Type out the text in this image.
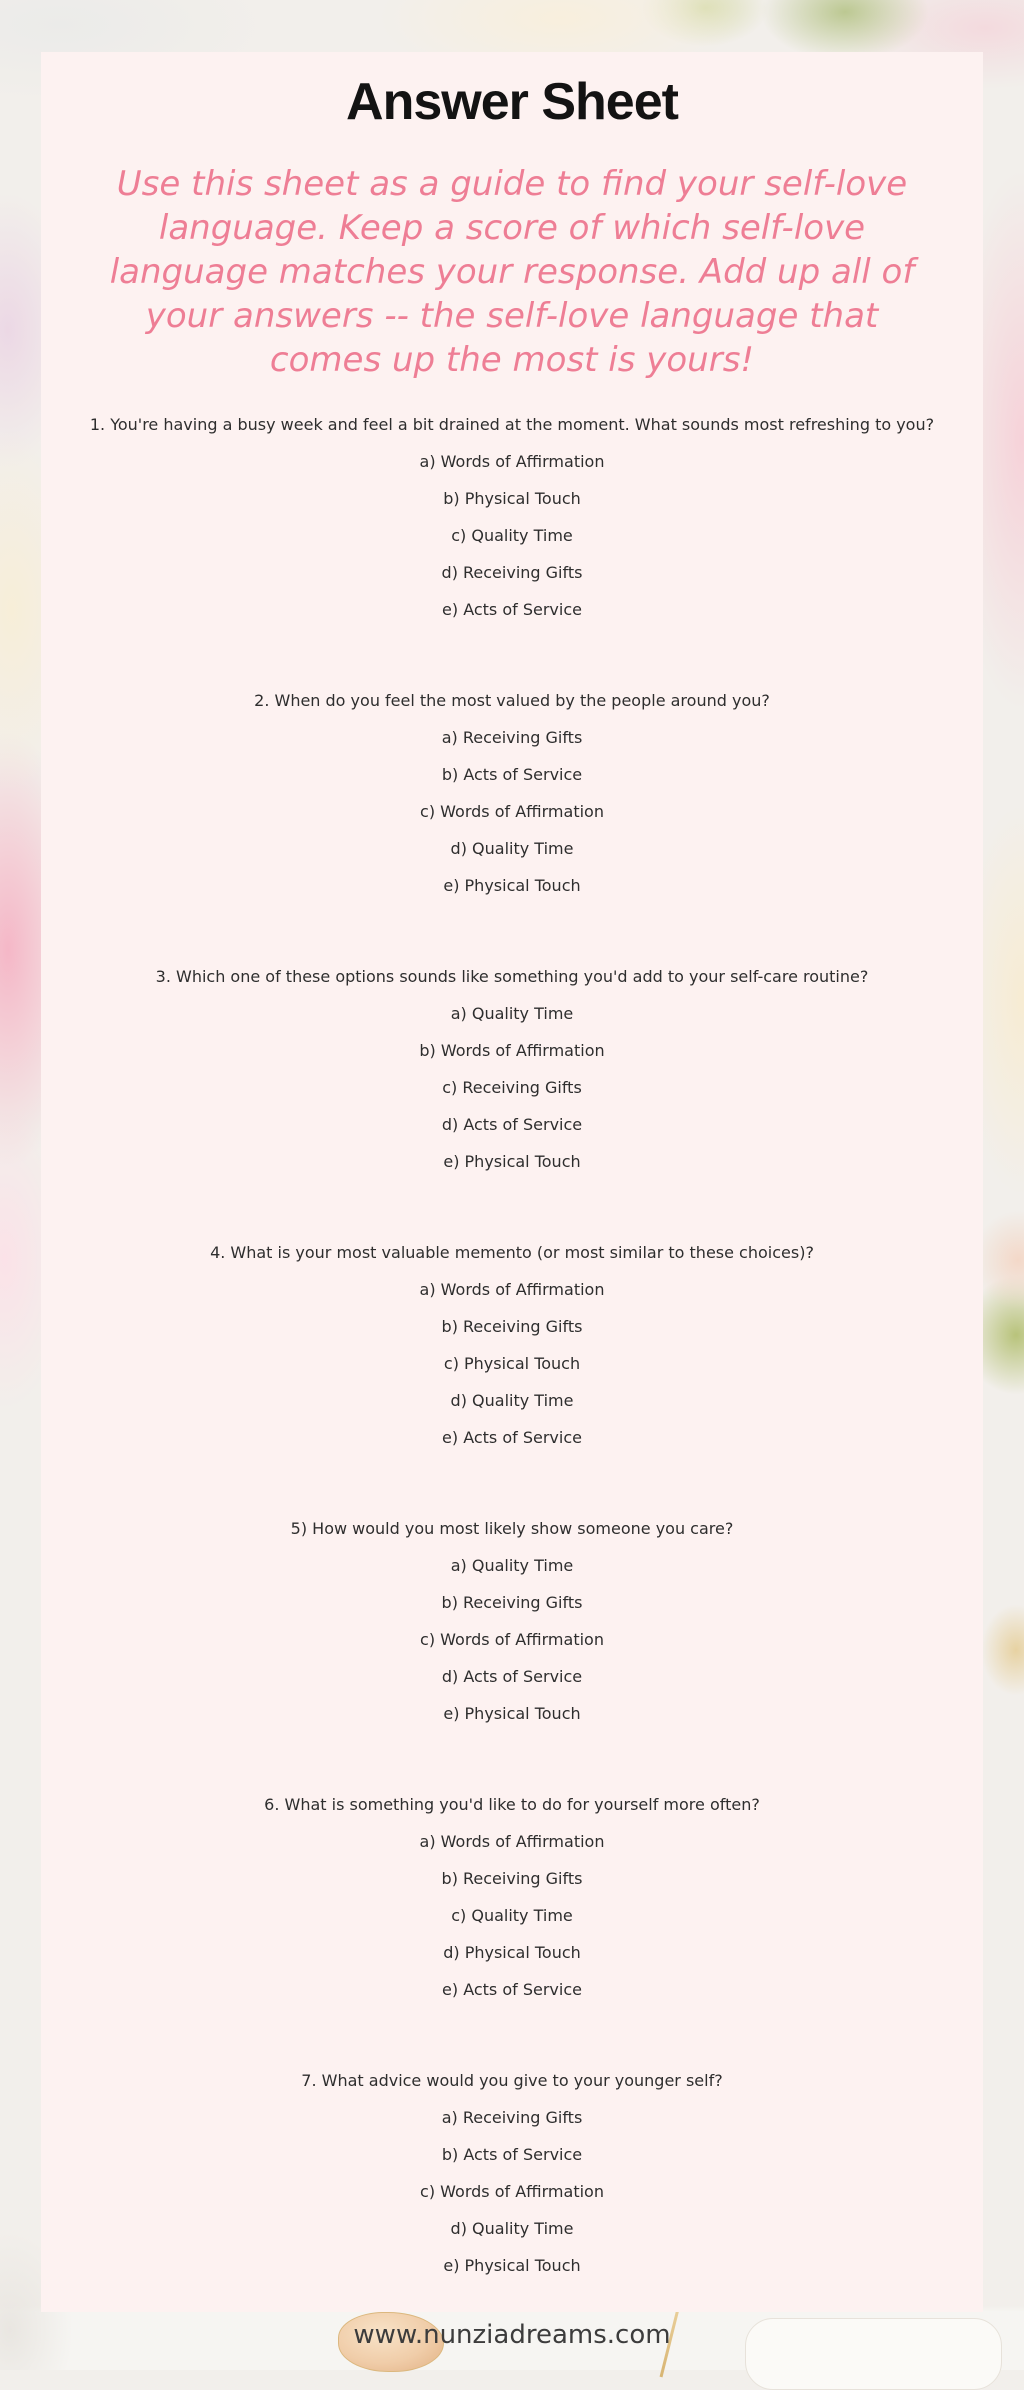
Answer Sheet
Use this sheet as a guide to find your self-love
language. Keep a score of which self-love
language matches your response. Add up all of
your answers -- the self-love language that
comes up the most is yours!
1. You're having a busy week and feel a bit drained at the moment. What sounds most refreshing to you?
a) Words of Affirmation
b) Physical Touch
c) Quality Time
d) Receiving Gifts
e) Acts of Service
2. When do you feel the most valued by the people around you?
a) Receiving Gifts
b) Acts of Service
c) Words of Affirmation
d) Quality Time
e) Physical Touch
3. Which one of these options sounds like something you'd add to your self-care routine?
a) Quality Time
b) Words of Affirmation
c) Receiving Gifts
d) Acts of Service
e) Physical Touch
4. What is your most valuable memento (or most similar to these choices)?
a) Words of Affirmation
b) Receiving Gifts
c) Physical Touch
d) Quality Time
e) Acts of Service
5) How would you most likely show someone you care?
a) Quality Time
b) Receiving Gifts
c) Words of Affirmation
d) Acts of Service
e) Physical Touch
6. What is something you'd like to do for yourself more often?
a) Words of Affirmation
b) Receiving Gifts
c) Quality Time
d) Physical Touch
e) Acts of Service
7. What advice would you give to your younger self?
a) Receiving Gifts
b) Acts of Service
c) Words of Affirmation
d) Quality Time
e) Physical Touch
www.nunziadreams.com
